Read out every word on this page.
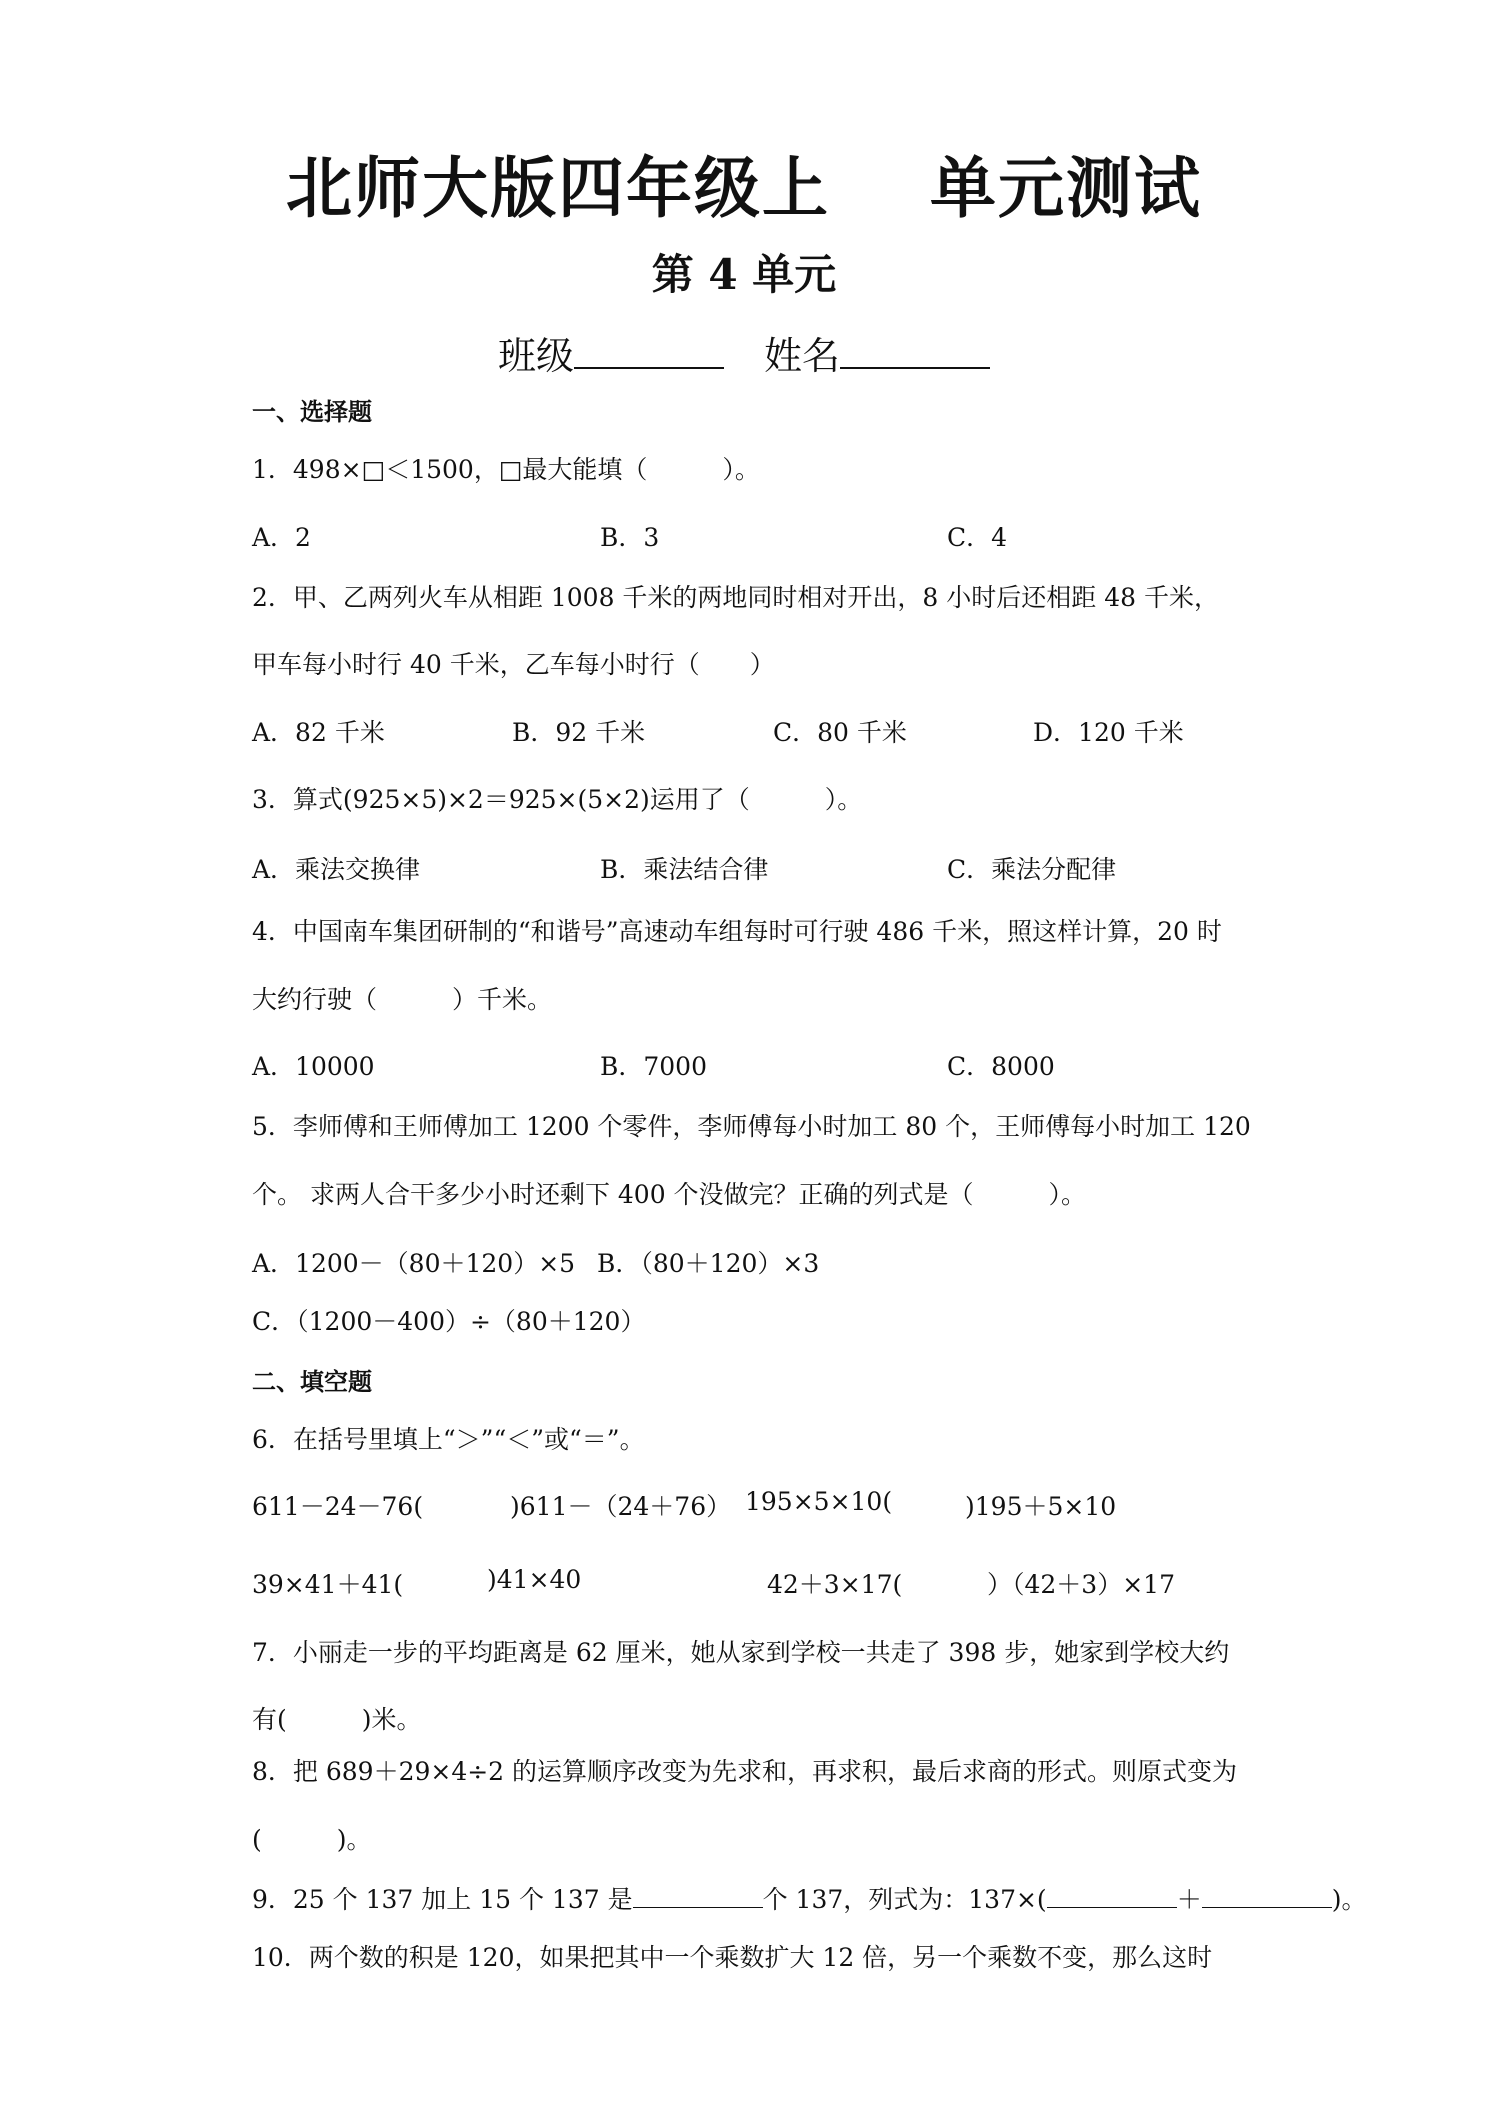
北师大版四年级上 单元测试
第 4 单元
班级	姓名
一、选择题
1．498×□＜1500，□最大能填（　　　）。
A．2	B．3	C．4
2．甲、乙两列火车从相距 1008 千米的两地同时相对开出，8 小时后还相距 48 千米，
甲车每小时行 40 千米，乙车每小时行（　　）
A．82 千米	B．92 千米	C．80 千米	D．120 千米
3．算式(925×5)×2＝925×(5×2)运用了（　　　）。
A．乘法交换律	B．乘法结合律	C．乘法分配律
4．中国南车集团研制的“和谐号”高速动车组每时可行驶 486 千米，照这样计算，20 时
大约行驶（　　　）千米。
A．10000	B．7000	C．8000
5．李师傅和王师傅加工 1200 个零件，李师傅每小时加工 80 个，王师傅每小时加工 120
个。 求两人合干多少小时还剩下 400 个没做完？正确的列式是（　　　）。
A．1200－（80＋120）×5 B．（80＋120）×3
C．（1200－400）÷（80＋120）
二、填空题
6．在括号里填上“＞”“＜”或“＝”。
611－24－76(	)611－（24＋76） 195×5×10(	)195＋5×10
39×41＋41(	)41×40	42＋3×17(	）（42＋3）×17
7．小丽走一步的平均距离是 62 厘米，她从家到学校一共走了 398 步，她家到学校大约
有(　　　)米。
8．把 689＋29×4÷2 的运算顺序改变为先求和，再求积，最后求商的形式。则原式变为
(　　　)。
9．25 个 137 加上 15 个 137 是	个 137，列式为：137×(	＋	)。
10．两个数的积是 120，如果把其中一个乘数扩大 12 倍，另一个乘数不变，那么这时
